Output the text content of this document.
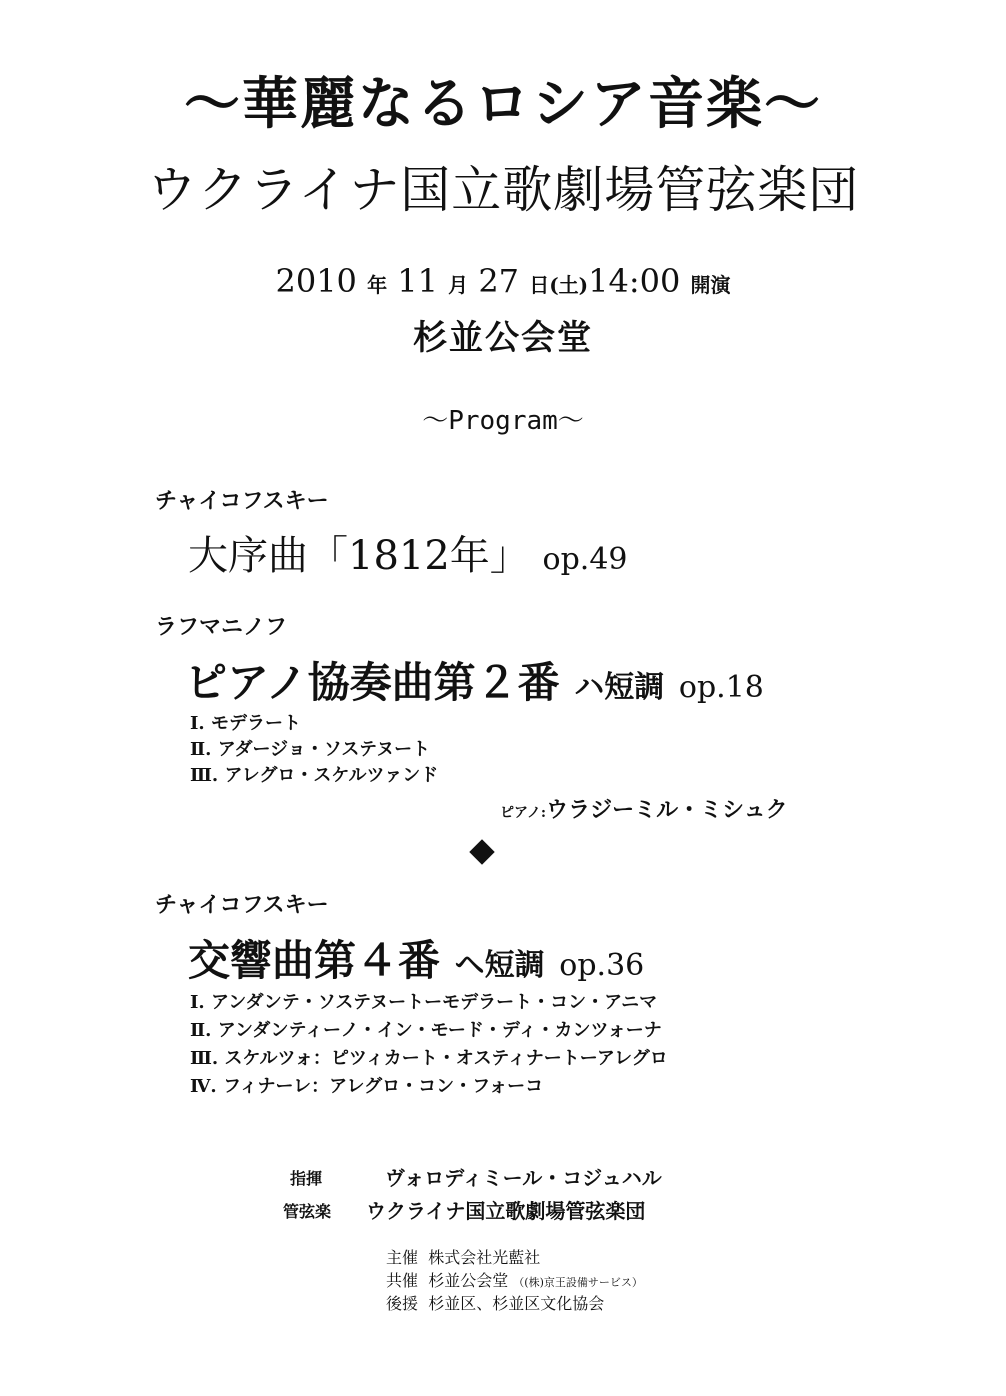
～華麗なるロシア音楽～
ウクライナ国立歌劇場管弦楽団
2010 年 11 月 27 日(土)14:00 開演
杉並公会堂
～Program～
チャイコフスキー
大序曲「1812年」 op.49
ラフマニノフ
ピアノ協奏曲第２番 ハ短調 op.18
Ⅰ. モデラート
Ⅱ. アダージョ・ソステヌート
Ⅲ. アレグロ・スケルツァンド
ピアノ:ウラジーミル・ミシュク
チャイコフスキー
交響曲第４番 ヘ短調 op.36
Ⅰ. アンダンテ・ソステヌートーモデラート・コン・アニマ
Ⅱ. アンダンティーノ・イン・モード・ディ・カンツォーナ
Ⅲ. スケルツォ：ピツィカート・オスティナートーアレグロ
Ⅳ. フィナーレ：アレグロ・コン・フォーコ
指揮	ヴォロディミール・コジュハル
管弦楽 ウクライナ国立歌劇場管弦楽団
主催 株式会社光藍社
共催 杉並公会堂 （(株)京王設備サービス）
後援 杉並区、杉並区文化協会
